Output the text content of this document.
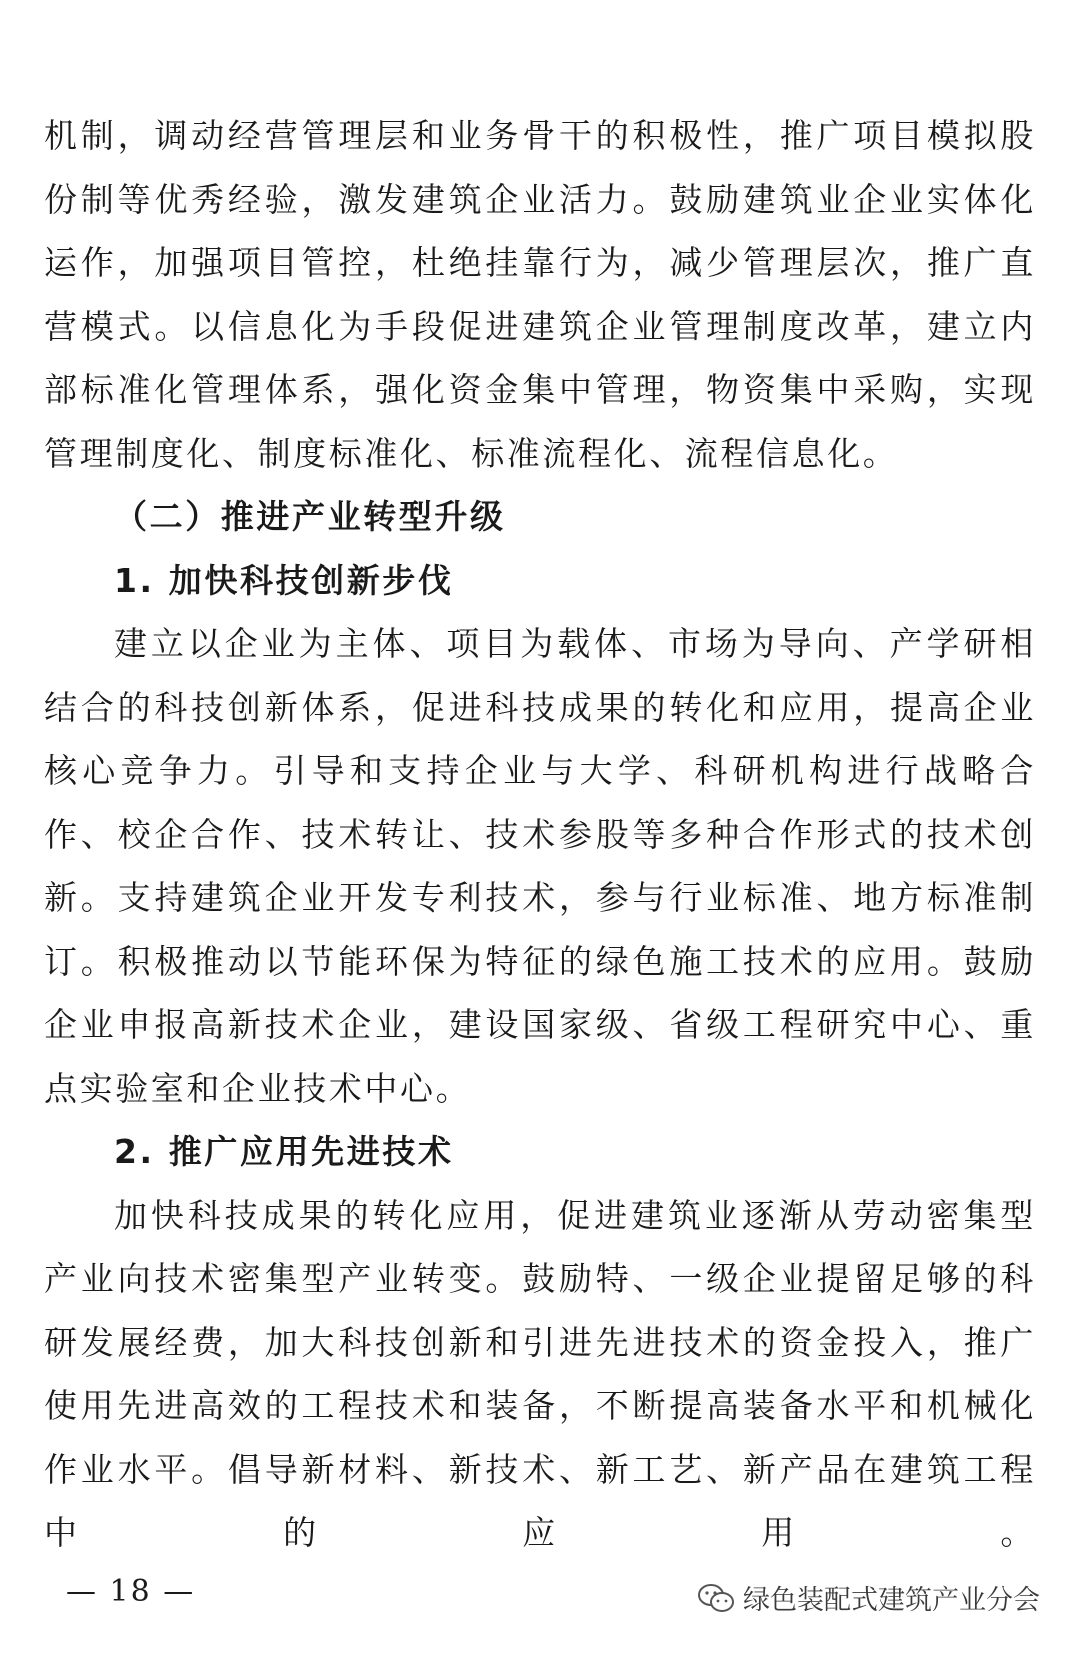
机制，调动经营管理层和业务骨干的积极性，推广项目模拟股份制等优秀经验，激发建筑企业活力。鼓励建筑业企业实体化运作，加强项目管控，杜绝挂靠行为，减少管理层次，推广直营模式。以信息化为手段促进建筑企业管理制度改革，建立内部标准化管理体系，强化资金集中管理，物资集中采购，实现管理制度化、制度标准化、标准流程化、流程信息化。

（二）推进产业转型升级

1. 加快科技创新步伐

建立以企业为主体、项目为载体、市场为导向、产学研相结合的科技创新体系，促进科技成果的转化和应用，提高企业核心竞争力。引导和支持企业与大学、科研机构进行战略合作、校企合作、技术转让、技术参股等多种合作形式的技术创新。支持建筑企业开发专利技术，参与行业标准、地方标准制订。积极推动以节能环保为特征的绿色施工技术的应用。鼓励企业申报高新技术企业，建设国家级、省级工程研究中心、重点实验室和企业技术中心。

2. 推广应用先进技术

加快科技成果的转化应用，促进建筑业逐渐从劳动密集型产业向技术密集型产业转变。鼓励特、一级企业提留足够的科研发展经费，加大科技创新和引进先进技术的资金投入，推广使用先进高效的工程技术和装备，不断提高装备水平和机械化作业水平。倡导新材料、新技术、新工艺、新产品在建筑工程中的应用。

— 18 —	绿色装配式建筑产业分会
